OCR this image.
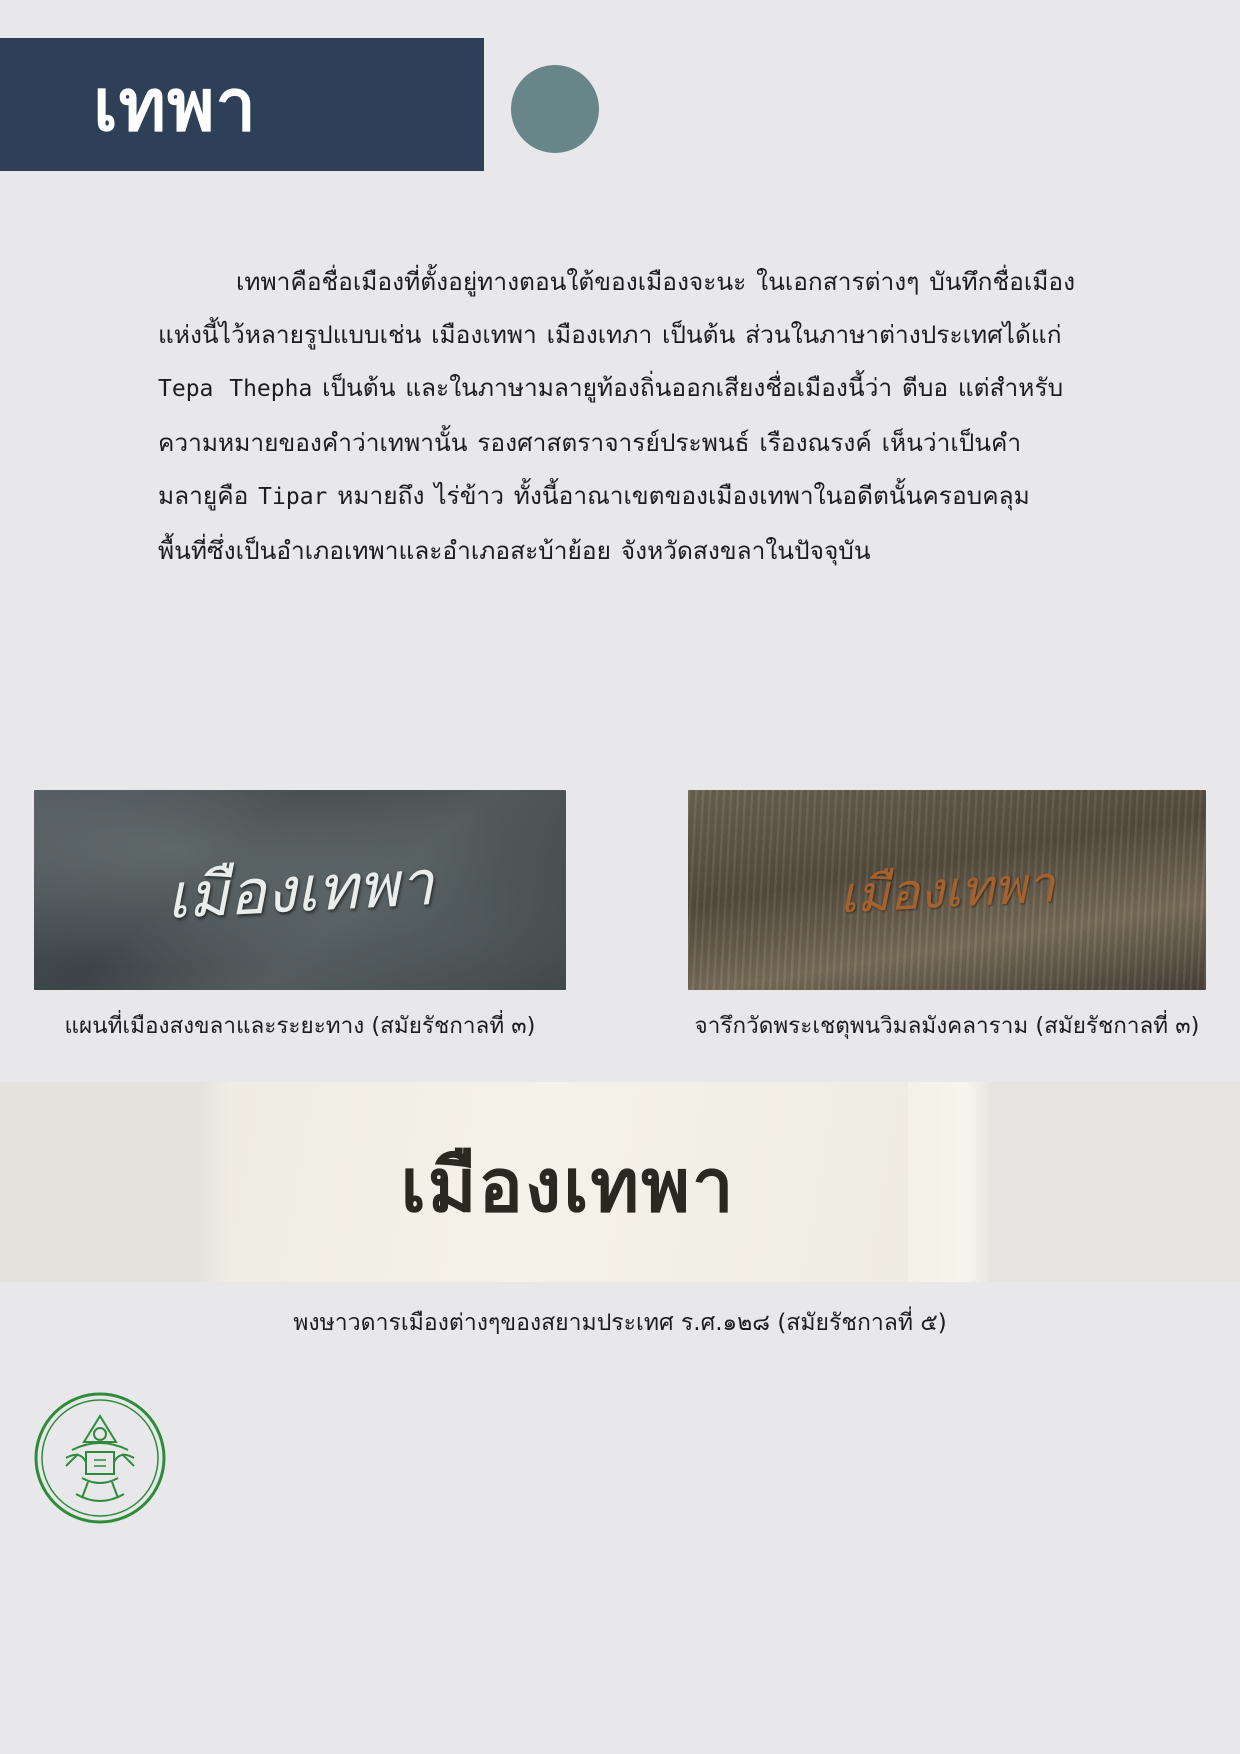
เทพา

เทพาคือชื่อเมืองที่ตั้งอยู่ทางตอนใต้ของเมืองจะนะ ในเอกสารต่างๆ บันทึกชื่อเมืองแห่งนี้ไว้หลายรูปแบบเช่น เมืองเทพา เมืองเทภา เป็นต้น ส่วนในภาษาต่างประเทศได้แก่ Tepa Thepha เป็นต้น และในภาษามลายูท้องถิ่นออกเสียงชื่อเมืองนี้ว่า ตีบอ แต่สำหรับความหมายของคำว่าเทพานั้น รองศาสตราจารย์ประพนธ์ เรืองณรงค์ เห็นว่าเป็นคำมลายูคือ Tipar หมายถึง ไร่ข้าว ทั้งนี้อาณาเขตของเมืองเทพาในอดีตนั้นครอบคลุมพื้นที่ซึ่งเป็นอำเภอเทพาและอำเภอสะบ้าย้อย จังหวัดสงขลาในปัจจุบัน

เมืองเทพา
แผนที่เมืองสงขลาและระยะทาง (สมัยรัชกาลที่ ๓)
เมืองเทพา
จารึกวัดพระเชตุพนวิมลมังคลาราม (สมัยรัชกาลที่ ๓)
เมืองเทพา
พงษาวดารเมืองต่างๆของสยามประเทศ ร.ศ.๑๒๘ (สมัยรัชกาลที่ ๕)
